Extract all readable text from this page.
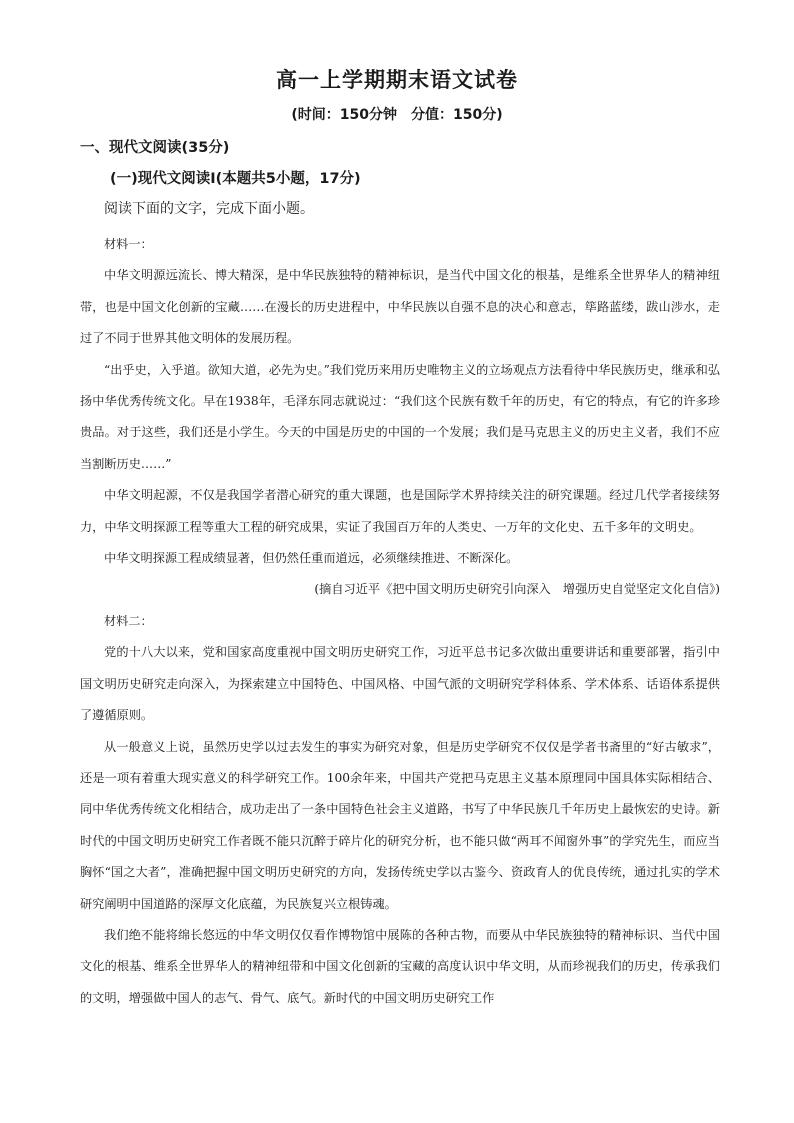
高一上学期期末语文试卷
(时间：150分钟　分值：150分)
一、现代文阅读(35分)
(一)现代文阅读Ⅰ(本题共5小题，17分)
阅读下面的文字，完成下面小题。

材料一：

中华文明源远流长、博大精深，是中华民族独特的精神标识，是当代中国文化的根基，是维系全世界华人的精神纽带，也是中国文化创新的宝藏……在漫长的历史进程中，中华民族以自强不息的决心和意志，筚路蓝缕，跋山涉水，走过了不同于世界其他文明体的发展历程。

“出乎史，入乎道。欲知大道，必先为史。”我们党历来用历史唯物主义的立场观点方法看待中华民族历史，继承和弘扬中华优秀传统文化。早在1938年，毛泽东同志就说过：“我们这个民族有数千年的历史，有它的特点，有它的许多珍贵品。对于这些，我们还是小学生。今天的中国是历史的中国的一个发展；我们是马克思主义的历史主义者，我们不应当割断历史……”

中华文明起源，不仅是我国学者潜心研究的重大课题，也是国际学术界持续关注的研究课题。经过几代学者接续努力，中华文明探源工程等重大工程的研究成果，实证了我国百万年的人类史、一万年的文化史、五千多年的文明史。

中华文明探源工程成绩显著，但仍然任重而道远，必须继续推进、不断深化。

(摘自习近平《把中国文明历史研究引向深入　增强历史自觉坚定文化自信》)

材料二：

党的十八大以来，党和国家高度重视中国文明历史研究工作，习近平总书记多次做出重要讲话和重要部署，指引中国文明历史研究走向深入，为探索建立中国特色、中国风格、中国气派的文明研究学科体系、学术体系、话语体系提供了遵循原则。

从一般意义上说，虽然历史学以过去发生的事实为研究对象，但是历史学研究不仅仅是学者书斋里的“好古敏求”，还是一项有着重大现实意义的科学研究工作。100余年来，中国共产党把马克思主义基本原理同中国具体实际相结合、同中华优秀传统文化相结合，成功走出了一条中国特色社会主义道路，书写了中华民族几千年历史上最恢宏的史诗。新时代的中国文明历史研究工作者既不能只沉醉于碎片化的研究分析，也不能只做“两耳不闻窗外事”的学究先生，而应当胸怀“国之大者”，准确把握中国文明历史研究的方向，发扬传统史学以古鉴今、资政育人的优良传统，通过扎实的学术研究阐明中国道路的深厚文化底蕴，为民族复兴立根铸魂。

我们绝不能将绵长悠远的中华文明仅仅看作博物馆中展陈的各种古物，而要从中华民族独特的精神标识、当代中国文化的根基、维系全世界华人的精神纽带和中国文化创新的宝藏的高度认识中华文明，从而珍视我们的历史，传承我们的文明，增强做中国人的志气、骨气、底气。新时代的中国文明历史研究工作
